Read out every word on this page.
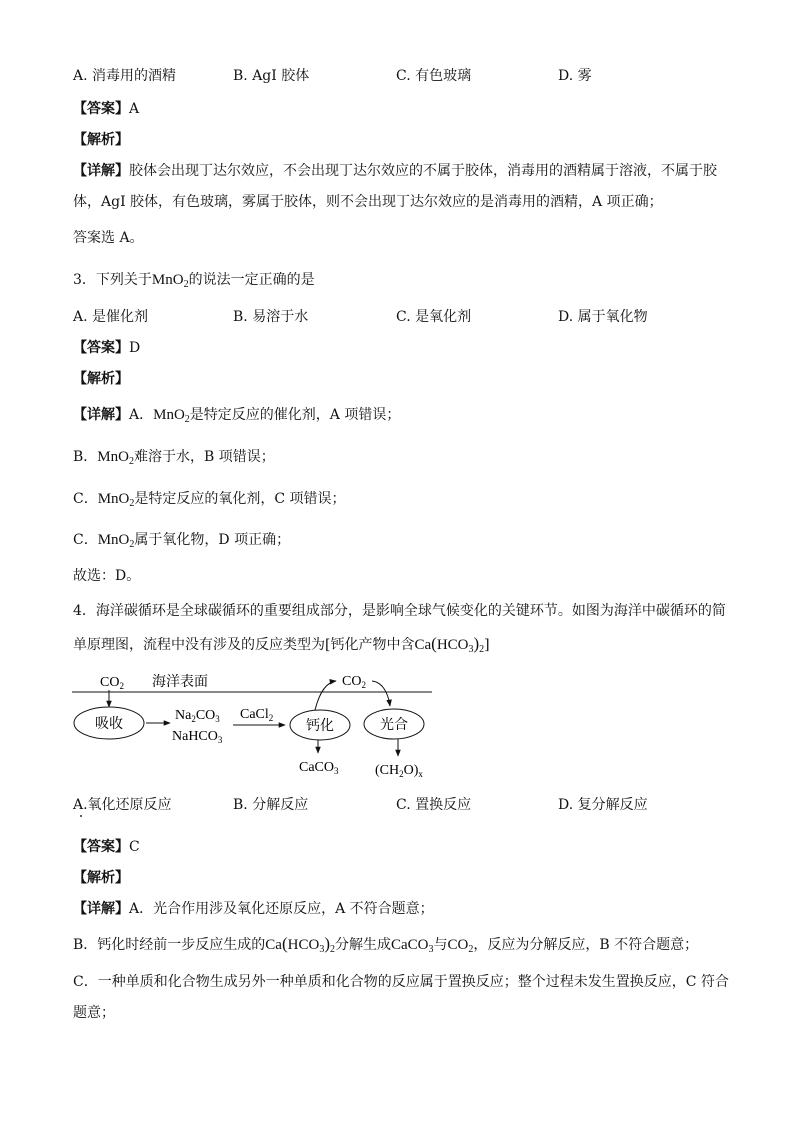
A. 消毒用的酒精	B. AgI 胶体	C. 有色玻璃	D. 雾
【答案】A
【解析】
【详解】胶体会出现丁达尔效应，不会出现丁达尔效应的不属于胶体，消毒用的酒精属于溶液，不属于胶
体，AgI 胶体，有色玻璃，雾属于胶体，则不会出现丁达尔效应的是消毒用的酒精，A 项正确；
答案选 A。
3．下列关于MnO$_2$的说法一定正确的是
A. 是催化剂	B. 易溶于水	C. 是氧化剂	D. 属于氧化物
【答案】D
【解析】
【详解】A．MnO$_2$是特定反应的催化剂，A 项错误；
B．MnO$_2$难溶于水，B 项错误；
C．MnO$_2$是特定反应的氧化剂，C 项错误；
C．MnO$_2$属于氧化物，D 项正确；
故选：D。
4．海洋碳循环是全球碳循环的重要组成部分，是影响全球气候变化的关键环节。如图为海洋中碳循环的简
单原理图，流程中没有涉及的反应类型为[钙化产物中含$Ca(HCO_3)_2$]
$CO_2$ 海洋表面
吸收
$Na_2CO_3$
NaHCO$_3$
CaCl$_2$
钙化
$CO_2$
光合
CaCO$_3$	$(CH_2O)_x$
A.氧化还原反应	B. 分解反应	C. 置换反应	D. 复分解反应
【答案】C
【解析】
【详解】A．光合作用涉及氧化还原反应，A 不符合题意；
B．钙化时经前一步反应生成的$Ca(HCO_3)_2$分解生成CaCO$_3$与$CO_2$，反应为分解反应，B 不符合题意；
C．一种单质和化合物生成另外一种单质和化合物的反应属于置换反应；整个过程未发生置换反应，C 符合
题意；
